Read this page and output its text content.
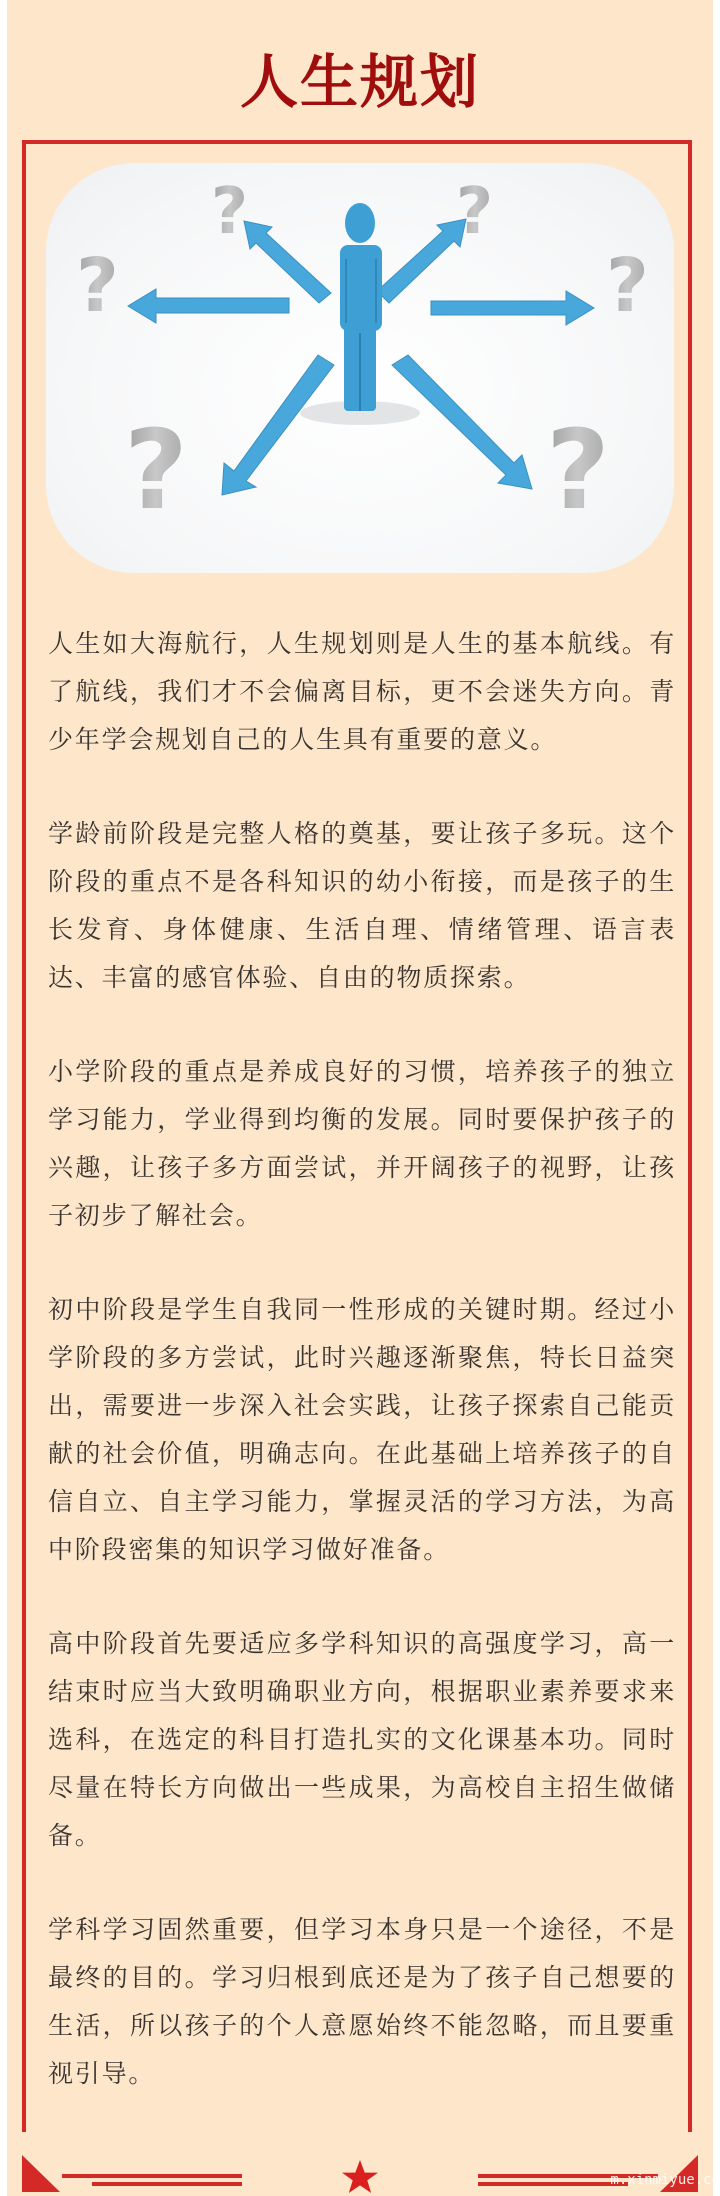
人生规划
?	?
?	?
?	?

人生如大海航行，人生规划则是人生的基本航线。有了航线，我们才不会偏离目标，更不会迷失方向。青少年学会规划自己的人生具有重要的意义。

学龄前阶段是完整人格的奠基，要让孩子多玩。这个阶段的重点不是各科知识的幼小衔接，而是孩子的生长发育、身体健康、生活自理、情绪管理、语言表达、丰富的感官体验、自由的物质探索。

小学阶段的重点是养成良好的习惯，培养孩子的独立学习能力，学业得到均衡的发展。同时要保护孩子的兴趣，让孩子多方面尝试，并开阔孩子的视野，让孩子初步了解社会。

初中阶段是学生自我同一性形成的关键时期。经过小学阶段的多方尝试，此时兴趣逐渐聚焦，特长日益突出，需要进一步深入社会实践，让孩子探索自己能贡献的社会价值，明确志向。在此基础上培养孩子的自信自立、自主学习能力，掌握灵活的学习方法，为高中阶段密集的知识学习做好准备。

高中阶段首先要适应多学科知识的高强度学习，高一结束时应当大致明确职业方向，根据职业素养要求来选科，在选定的科目打造扎实的文化课基本功。同时尽量在特长方向做出一些成果，为高校自主招生做储备。

学科学习固然重要，但学习本身只是一个途径，不是最终的目的。学习归根到底还是为了孩子自己想要的生活，所以孩子的个人意愿始终不能忽略，而且要重视引导。

m.xinmiyue.co
